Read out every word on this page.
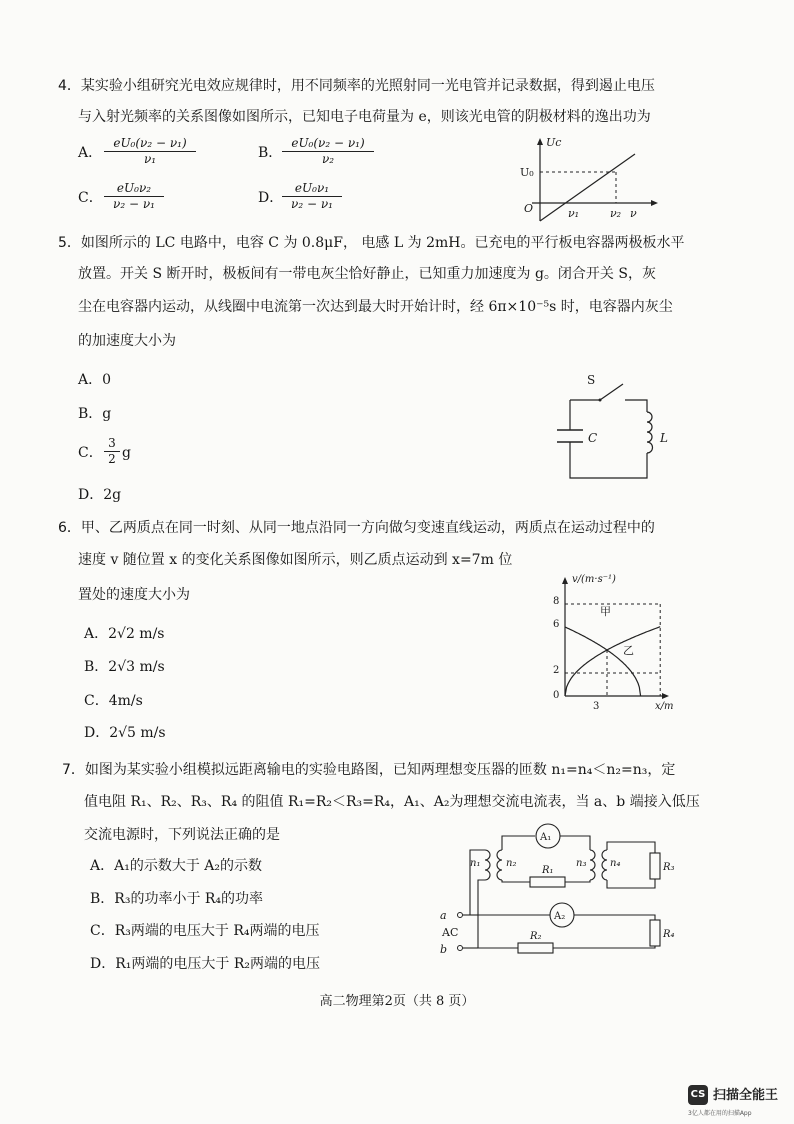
4．某实验小组研究光电效应规律时，用不同频率的光照射同一光电管并记录数据，得到遏止电压
与入射光频率的关系图像如图所示，已知电子电荷量为 e，则该光电管的阴极材料的逸出功为
A． $\frac{\text{eU₀(ν₂ − ν₁)}}{\text{ν₁}}$	B． $\frac{\text{eU₀(ν₂ − ν₁)}}{\text{ν₂}}$
C． $\frac{\text{eU₀ν₂}}{\text{ν₂ − ν₁}}$	D．
$\frac{\text{eU₀ν₁}}{\text{ν₂ − ν₁}}$
Uc
U₀
O	ν₁	ν₂ ν
5．如图所示的 LC 电路中，电容 C 为 0.8μF， 电感 L 为 2mH。已充电的平行板电容器两极板水平
放置。开关 S 断开时，极板间有一带电灰尘恰好静止，已知重力加速度为 g。闭合开关 S，灰
尘在电容器内运动，从线圈中电流第一次达到最大时开始计时，经 6π×10⁻⁵s 时，电容器内灰尘
的加速度大小为
A．0
B．g
C． $\frac{3}{2}$ g
D．2g
S
C	L
6．甲、乙两质点在同一时刻、从同一地点沿同一方向做匀变速直线运动，两质点在运动过程中的
速度 v 随位置 x 的变化关系图像如图所示，则乙质点运动到 x=7m 位
置处的速度大小为
A．2√2 m/s
B．2√3 m/s
C．4m/s
D．2√5 m/s
v/(m·s⁻¹)
x/m
8
6
2
0
3
甲
乙
7．如图为某实验小组模拟远距离输电的实验电路图，已知两理想变压器的匝数 n₁=n₄＜n₂=n₃，定
值电阻 R₁、R₂、R₃、R₄ 的阻值 R₁=R₂＜R₃=R₄，A₁、A₂为理想交流电流表，当 a、b 端接入低压
交流电源时，下列说法正确的是
A．A₁的示数大于 A₂的示数
B．R₃的功率小于 R₄的功率
C．R₃两端的电压大于 R₄两端的电压
D．R₁两端的电压大于 R₂两端的电压
a
b
AC
n₁	n₂
A₁
R₁
n₃ n₄	R₃
A₂
R₄
R₂
高二物理第2页（共 8 页）
CS 扫描全能王
3亿人都在用的扫描App
